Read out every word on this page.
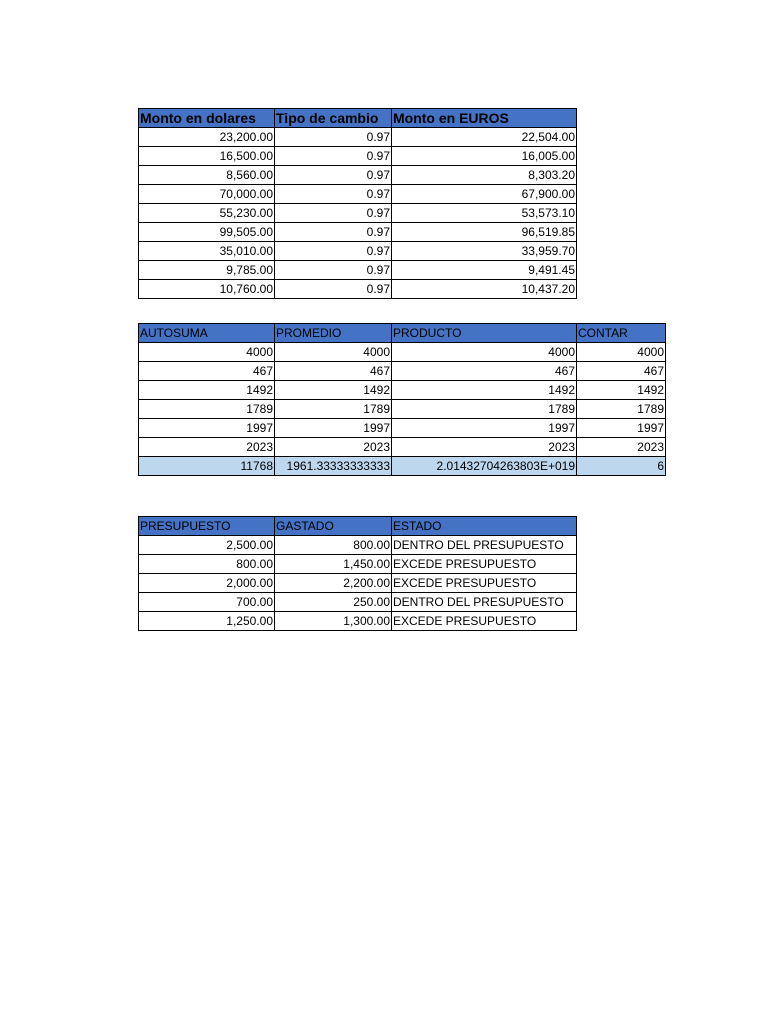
Monto en dolares	Tipo de cambio	Monto en EUROS
23,200.00	0.97	22,504.00
16,500.00	0.97	16,005.00
8,560.00	0.97	8,303.20
70,000.00	0.97	67,900.00
55,230.00	0.97	53,573.10
99,505.00	0.97	96,519.85
35,010.00	0.97	33,959.70
9,785.00	0.97	9,491.45
10,760.00	0.97	10,437.20
AUTOSUMA	PROMEDIO	PRODUCTO	CONTAR
4000	4000	4000	4000
467	467	467	467
1492	1492	1492	1492
1789	1789	1789	1789
1997	1997	1997	1997
2023	2023	2023	2023
11768	1961.33333333333	2.01432704263803E+019	6
PRESUPUESTO	GASTADO	ESTADO
2,500.00	800.00	DENTRO DEL PRESUPUESTO
800.00	1,450.00	EXCEDE PRESUPUESTO
2,000.00	2,200.00	EXCEDE PRESUPUESTO
700.00	250.00	DENTRO DEL PRESUPUESTO
1,250.00	1,300.00	EXCEDE PRESUPUESTO
